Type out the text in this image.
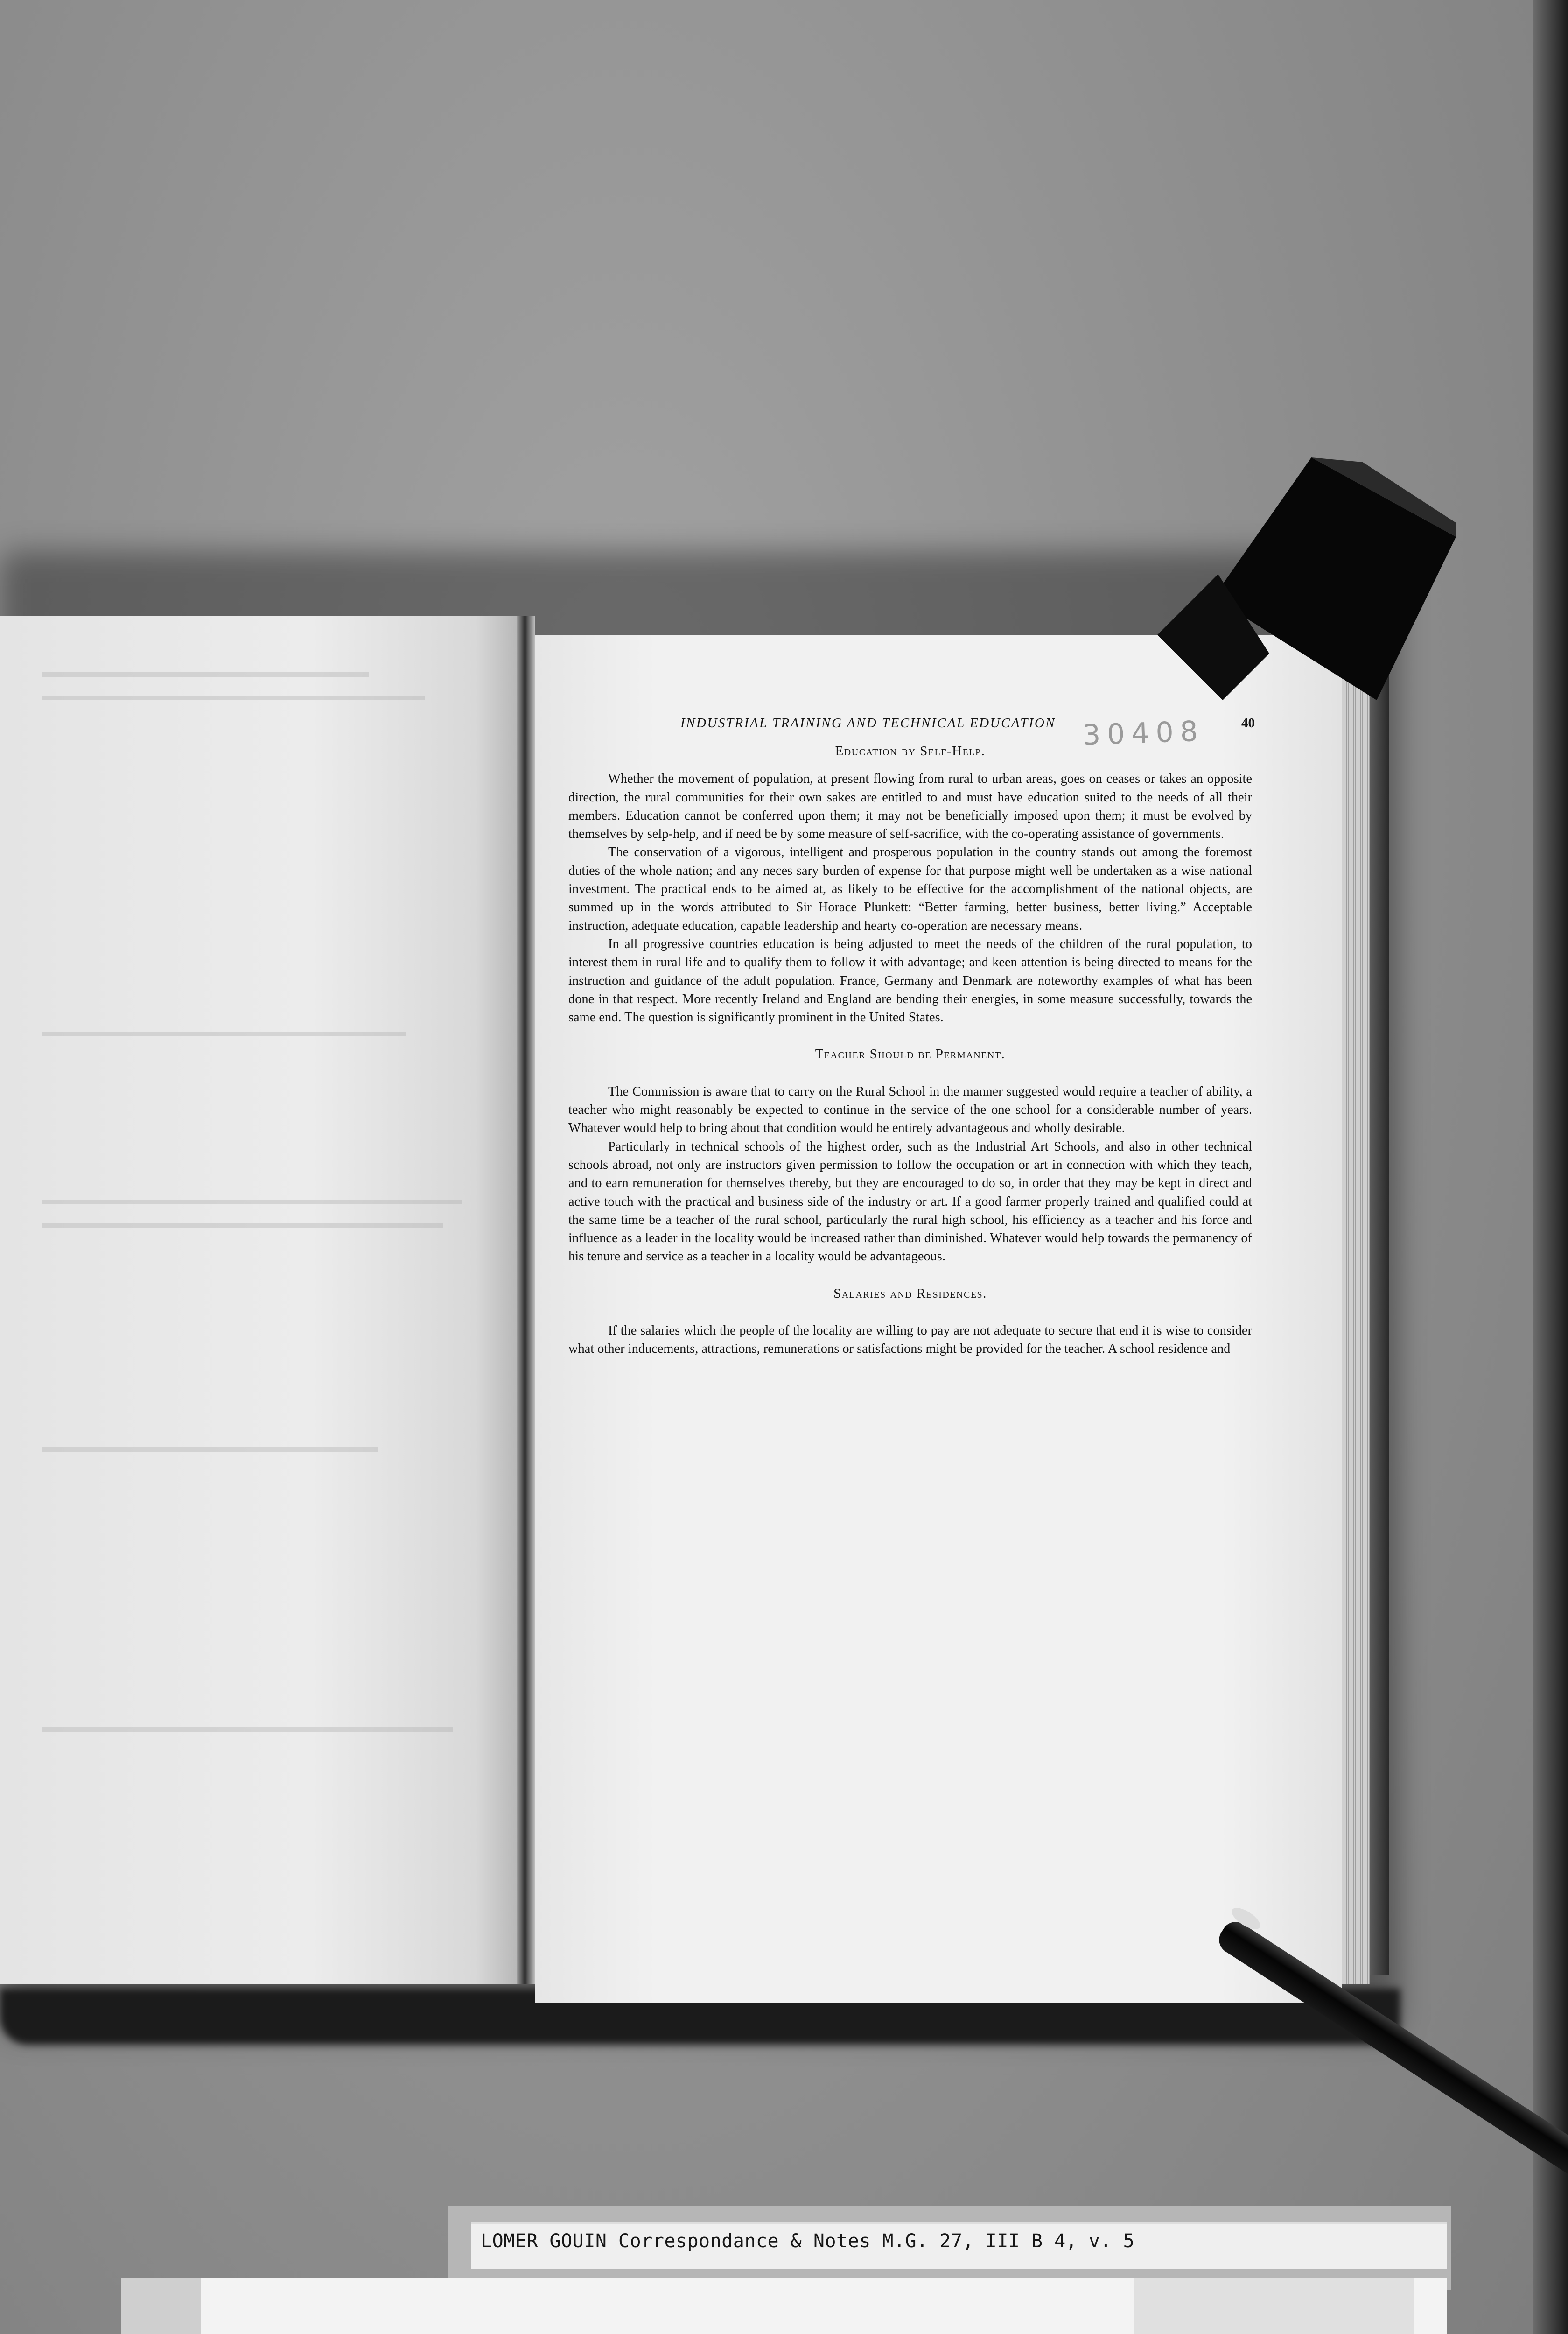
30408
INDUSTRIAL TRAINING AND TECHNICAL EDUCATION	40
Education by Self-Help.

Whether the movement of population, at present flowing from rural to urban areas, goes on ceases or takes an opposite direction, the rural communities for their own sakes are entitled to and must have education suited to the needs of all their members. Education cannot be conferred upon them; it may not be beneficially imposed upon them; it must be evolved by themselves by selp-help, and if need be by some measure of self-sacrifice, with the co-operating assistance of governments.

The conservation of a vigorous, intelligent and prosperous population in the country stands out among the foremost duties of the whole nation; and any neces sary burden of expense for that purpose might well be undertaken as a wise national investment. The practical ends to be aimed at, as likely to be effective for the accomplishment of the national objects, are summed up in the words attributed to Sir Horace Plunkett: “Better farming, better business, better living.” Acceptable instruction, adequate education, capable leadership and hearty co-operation are necessary means.

In all progressive countries education is being adjusted to meet the needs of the children of the rural population, to interest them in rural life and to qualify them to follow it with advantage; and keen attention is being directed to means for the instruction and guidance of the adult population. France, Germany and Denmark are noteworthy examples of what has been done in that respect. More recently Ireland and England are bending their energies, in some measure successfully, towards the same end. The question is significantly prominent in the United States.

Teacher Should be Permanent.

The Commission is aware that to carry on the Rural School in the manner suggested would require a teacher of ability, a teacher who might reasonably be expected to continue in the service of the one school for a considerable number of years. Whatever would help to bring about that condition would be entirely advantageous and wholly desirable.

Particularly in technical schools of the highest order, such as the Industrial Art Schools, and also in other technical schools abroad, not only are instructors given permission to follow the occupation or art in connection with which they teach, and to earn remuneration for themselves thereby, but they are encouraged to do so, in order that they may be kept in direct and active touch with the practical and business side of the industry or art. If a good farmer properly trained and qualified could at the same time be a teacher of the rural school, particularly the rural high school, his efficiency as a teacher and his force and influence as a leader in the locality would be increased rather than diminished. Whatever would help towards the permanency of his tenure and service as a teacher in a locality would be advantageous.

Salaries and Residences.

If the salaries which the people of the locality are willing to pay are not adequate to secure that end it is wise to consider what other inducements, attractions, remunerations or satisfactions might be provided for the teacher. A school residence and

LOMER GOUIN Correspondance & Notes M.G. 27, III B 4, v. 5
